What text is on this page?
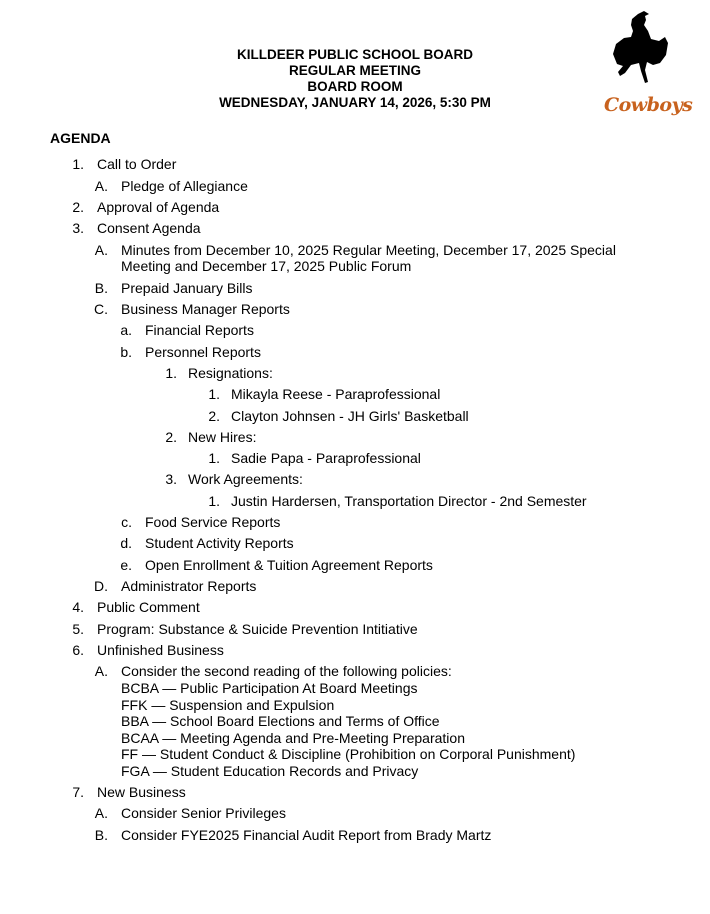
KILLDEER PUBLIC SCHOOL BOARD
REGULAR MEETING
BOARD ROOM
WEDNESDAY, JANUARY 14, 2026, 5:30 PM	Cowboys
AGENDA
1. Call to Order
A. Pledge of Allegiance
2. Approval of Agenda
3. Consent Agenda
A. Minutes from December 10, 2025 Regular Meeting, December 17, 2025 Special
Meeting and December 17, 2025 Public Forum
B. Prepaid January Bills
C. Business Manager Reports
a. Financial Reports
b. Personnel Reports
1. Resignations:
1. Mikayla Reese - Paraprofessional
2. Clayton Johnsen - JH Girls' Basketball
2. New Hires:
1. Sadie Papa - Paraprofessional
3. Work Agreements:
1. Justin Hardersen, Transportation Director - 2nd Semester
c. Food Service Reports
d. Student Activity Reports
e. Open Enrollment & Tuition Agreement Reports
D. Administrator Reports
4. Public Comment
5. Program: Substance & Suicide Prevention Intitiative
6. Unfinished Business
A. Consider the second reading of the following policies:
BCBA — Public Participation At Board Meetings
FFK — Suspension and Expulsion
BBA — School Board Elections and Terms of Office
BCAA — Meeting Agenda and Pre-Meeting Preparation
FF — Student Conduct & Discipline (Prohibition on Corporal Punishment)
FGA — Student Education Records and Privacy
7. New Business
A. Consider Senior Privileges
B. Consider FYE2025 Financial Audit Report from Brady Martz
